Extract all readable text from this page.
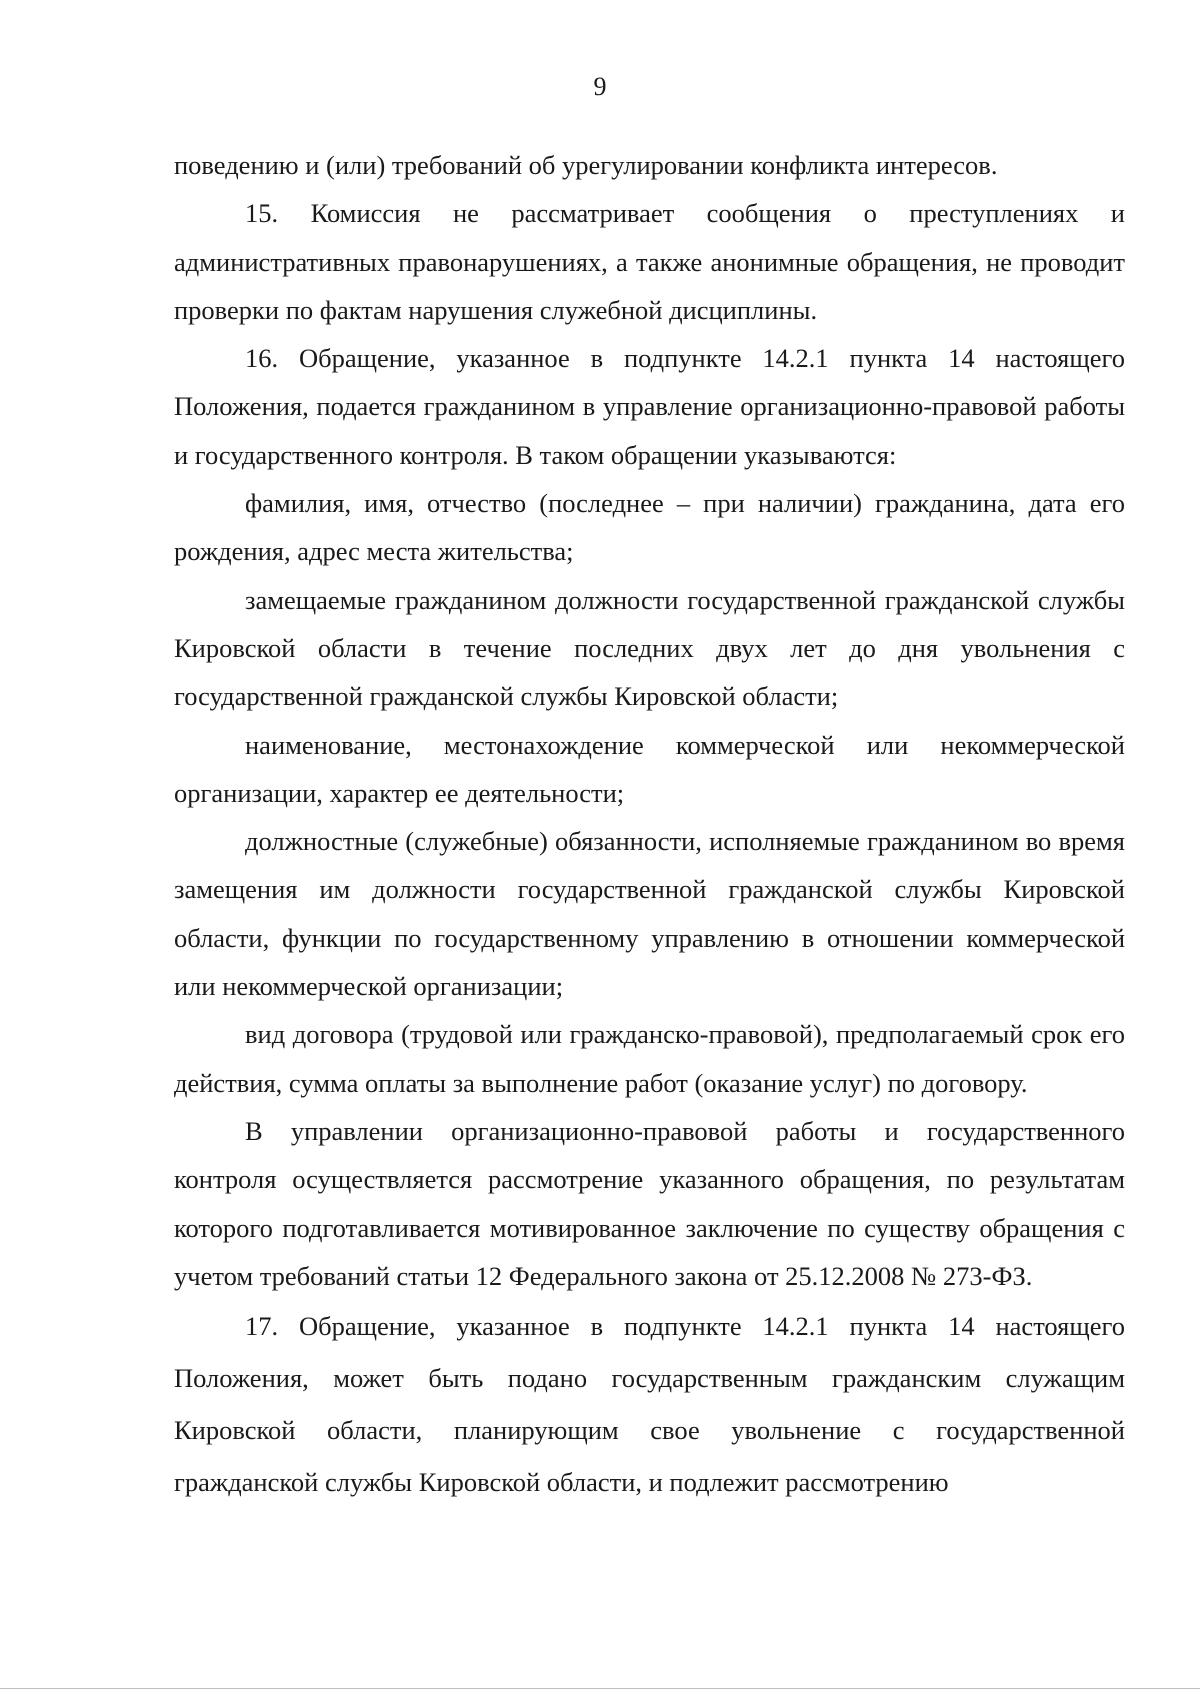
9

поведению и (или) требований об урегулировании конфликта интересов.

15. Комиссия не рассматривает сообщения о преступлениях и административных правонарушениях, а также анонимные обращения, не проводит проверки по фактам нарушения служебной дисциплины.

16. Обращение, указанное в подпункте 14.2.1 пункта 14 настоящего Положения, подается гражданином в управление организационно-правовой работы и государственного контроля. В таком обращении указываются:

фамилия, имя, отчество (последнее – при наличии) гражданина, дата его рождения, адрес места жительства;

замещаемые гражданином должности государственной гражданской службы Кировской области в течение последних двух лет до дня увольнения с государственной гражданской службы Кировской области;

наименование, местонахождение коммерческой или некоммерческой организации, характер ее деятельности;

должностные (служебные) обязанности, исполняемые гражданином во время замещения им должности государственной гражданской службы Кировской области, функции по государственному управлению в отношении коммерческой или некоммерческой организации;

вид договора (трудовой или гражданско-правовой), предполагаемый срок его действия, сумма оплаты за выполнение работ (оказание услуг) по договору.

В управлении организационно-правовой работы и государственного контроля осуществляется рассмотрение указанного обращения, по результатам которого подготавливается мотивированное заключение по существу обращения с учетом требований статьи 12 Федерального закона от 25.12.2008 № 273-ФЗ.

17. Обращение, указанное в подпункте 14.2.1 пункта 14 настоящего Положения, может быть подано государственным гражданским служащим Кировской области, планирующим свое увольнение с государственной гражданской службы Кировской области, и подлежит рассмотрению
